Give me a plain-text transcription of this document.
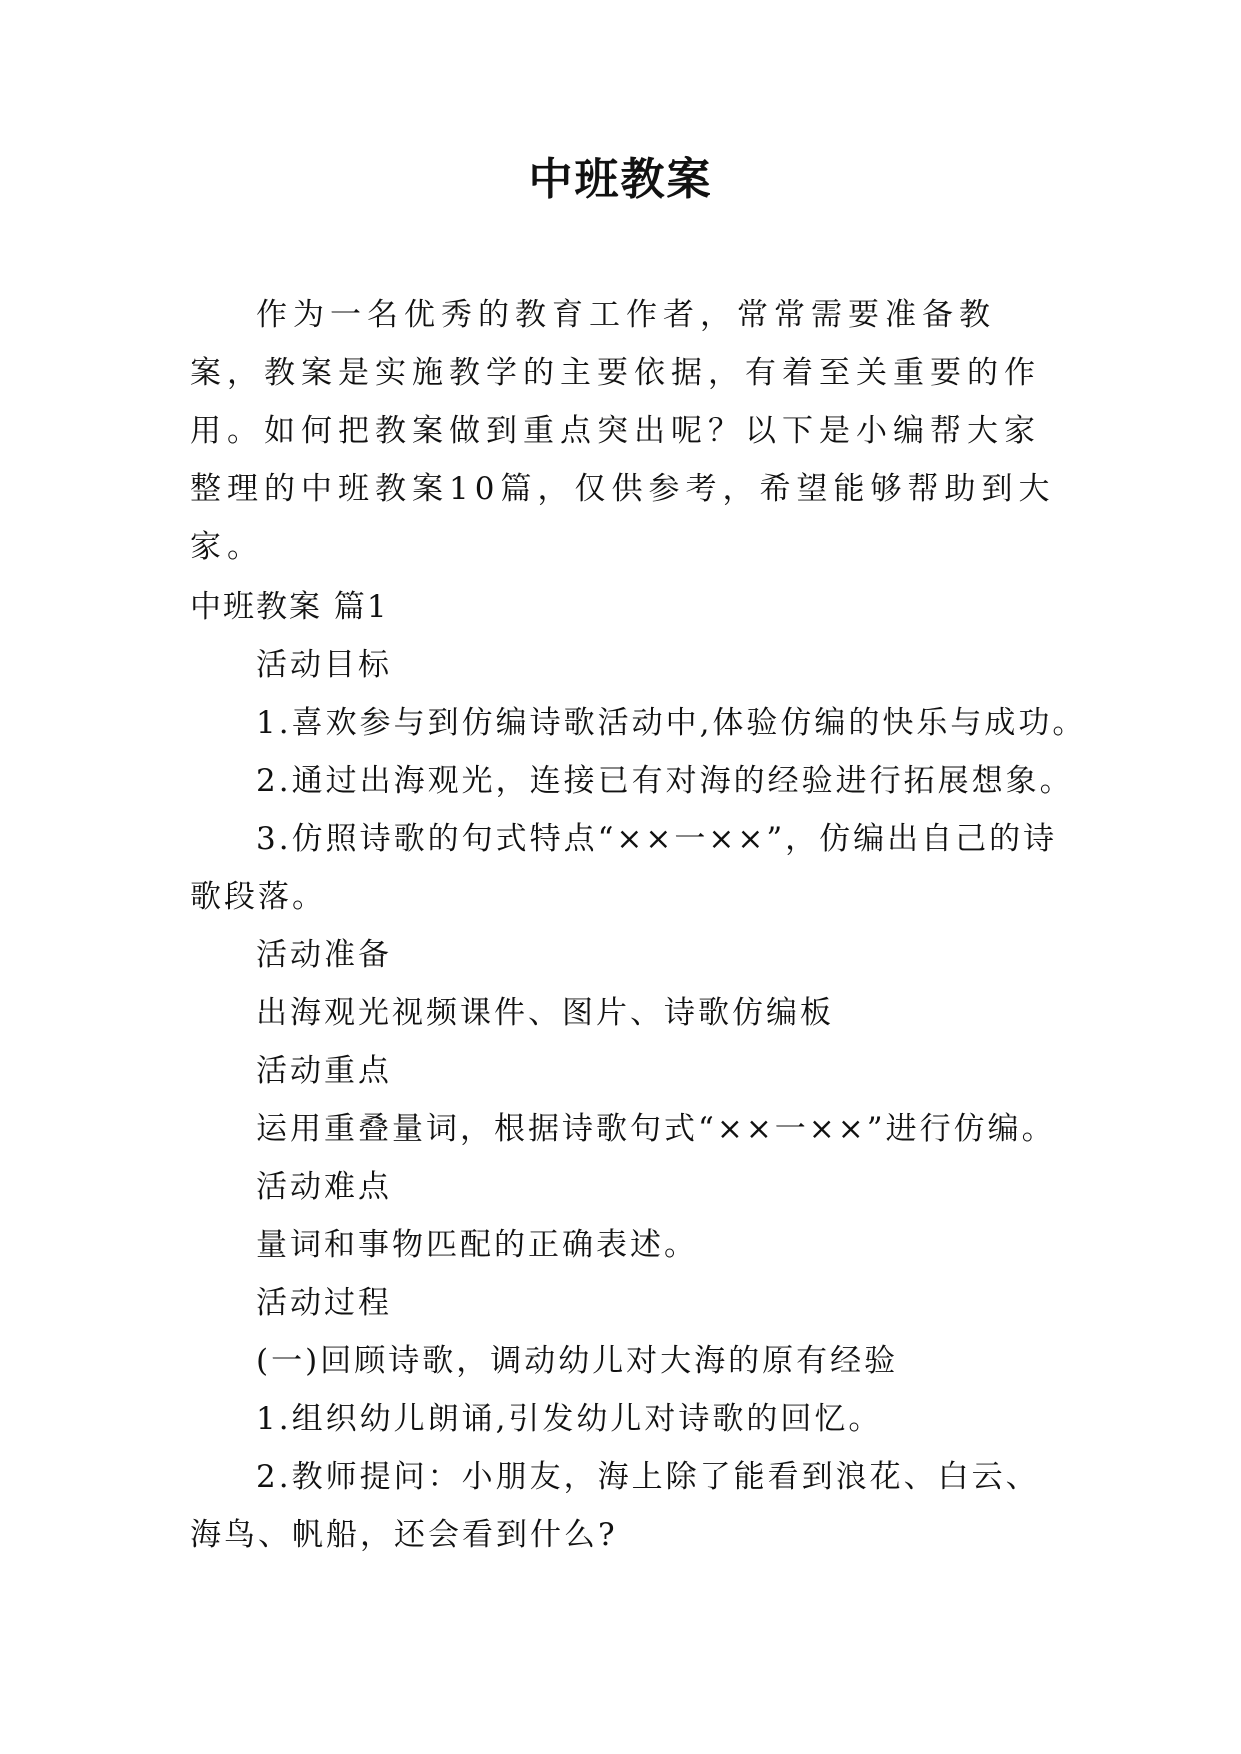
中班教案

作为一名优秀的教育工作者，常常需要准备教案，教案是实施教学的主要依据，有着至关重要的作用。如何把教案做到重点突出呢？以下是小编帮大家整理的中班教案10篇，仅供参考，希望能够帮助到大家。

中班教案 篇1
活动目标
1.喜欢参与到仿编诗歌活动中,体验仿编的快乐与成功。
2.通过出海观光，连接已有对海的经验进行拓展想象。

3.仿照诗歌的句式特点“××一××”，仿编出自己的诗歌段落。

活动准备
出海观光视频课件、图片、诗歌仿编板
活动重点
运用重叠量词，根据诗歌句式“××一××”进行仿编。
活动难点
量词和事物匹配的正确表述。
活动过程
(一)回顾诗歌，调动幼儿对大海的原有经验
1.组织幼儿朗诵,引发幼儿对诗歌的回忆。

2.教师提问：小朋友，海上除了能看到浪花、白云、海鸟、帆船，还会看到什么?
